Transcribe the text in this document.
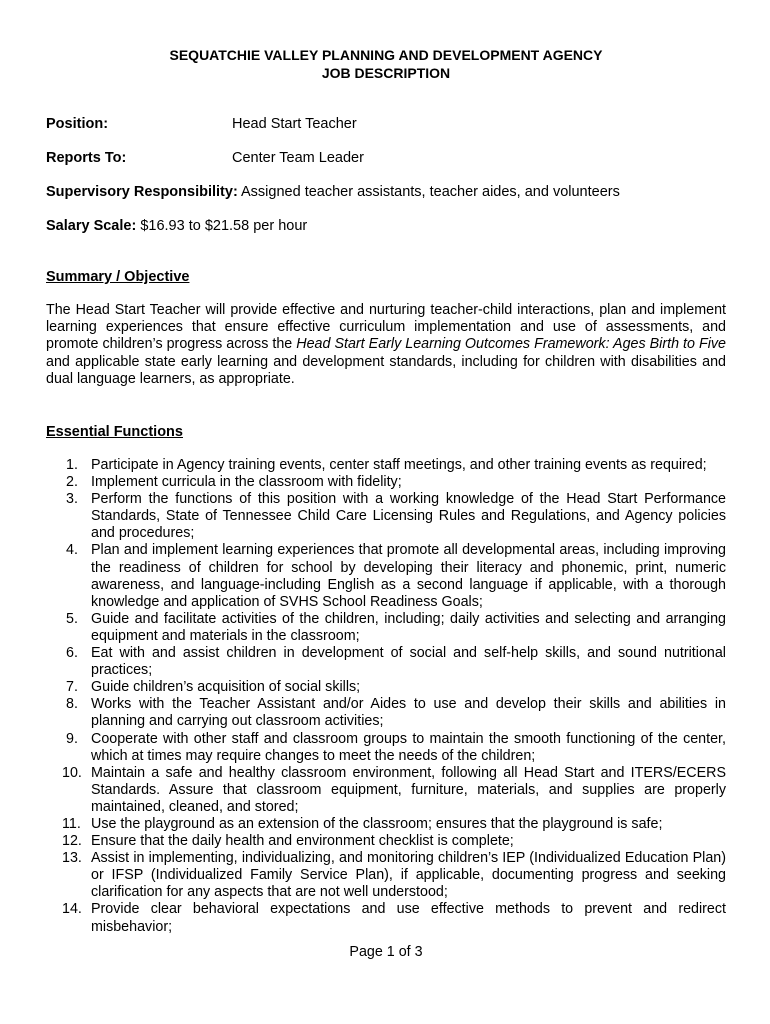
SEQUATCHIE VALLEY PLANNING AND DEVELOPMENT AGENCY
JOB DESCRIPTION
Position:	Head Start Teacher
Reports To:	Center Team Leader
Supervisory Responsibility: Assigned teacher assistants, teacher aides, and volunteers
Salary Scale: $16.93 to $21.58 per hour
Summary / Objective
The Head Start Teacher will provide effective and nurturing teacher-child interactions, plan and implement learning experiences that ensure effective curriculum implementation and use of assessments, and promote children’s progress across the Head Start Early Learning Outcomes Framework: Ages Birth to Five and applicable state early learning and development standards, including for children with disabilities and dual language learners, as appropriate.
Essential Functions
1. Participate in Agency training events, center staff meetings, and other training events as required;
2. Implement curricula in the classroom with fidelity;
3. Perform the functions of this position with a working knowledge of the Head Start Performance Standards, State of Tennessee Child Care Licensing Rules and Regulations, and Agency policies and procedures;
4. Plan and implement learning experiences that promote all developmental areas, including improving the readiness of children for school by developing their literacy and phonemic, print, numeric awareness, and language-including English as a second language if applicable, with a thorough knowledge and application of SVHS School Readiness Goals;
5. Guide and facilitate activities of the children, including; daily activities and selecting and arranging equipment and materials in the classroom;
6. Eat with and assist children in development of social and self-help skills, and sound nutritional practices;
7. Guide children’s acquisition of social skills;
8. Works with the Teacher Assistant and/or Aides to use and develop their skills and abilities in planning and carrying out classroom activities;
9. Cooperate with other staff and classroom groups to maintain the smooth functioning of the center, which at times may require changes to meet the needs of the children;
10. Maintain a safe and healthy classroom environment, following all Head Start and ITERS/ECERS Standards. Assure that classroom equipment, furniture, materials, and supplies are properly maintained, cleaned, and stored;
11. Use the playground as an extension of the classroom; ensures that the playground is safe;
12. Ensure that the daily health and environment checklist is complete;
13. Assist in implementing, individualizing, and monitoring children’s IEP (Individualized Education Plan) or IFSP (Individualized Family Service Plan), if applicable, documenting progress and seeking clarification for any aspects that are not well understood;
14. Provide clear behavioral expectations and use effective methods to prevent and redirect misbehavior;
Page 1 of 3
